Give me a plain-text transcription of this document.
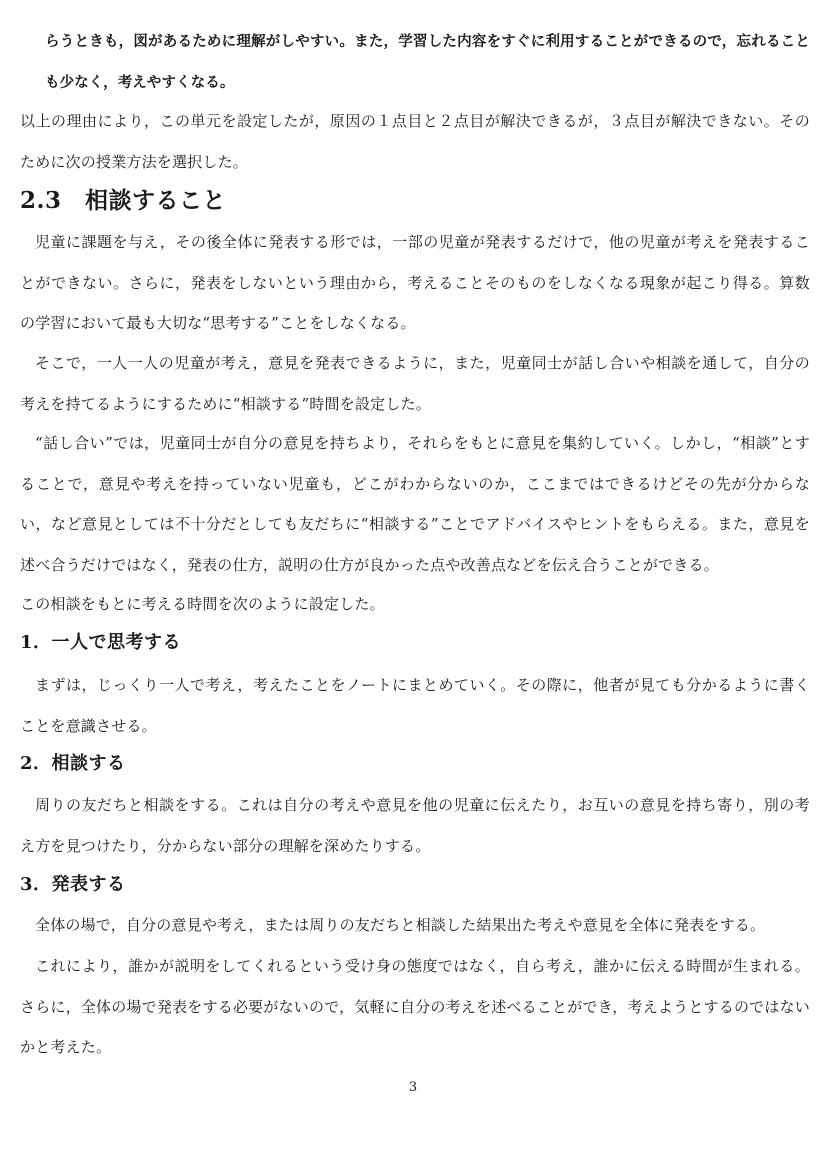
らうときも，図があるために理解がしやすい。また，学習した内容をすぐに利用することができるので，忘れることも少なく，考えやすくなる。

以上の理由により，この単元を設定したが，原因の１点目と２点目が解決できるが，３点目が解決できない。そのために次の授業方法を選択した。

2.3　相談すること

児童に課題を与え，その後全体に発表する形では，一部の児童が発表するだけで，他の児童が考えを発表することができない。さらに，発表をしないという理由から，考えることそのものをしなくなる現象が起こり得る。算数の学習において最も大切な“思考する”ことをしなくなる。

そこで，一人一人の児童が考え，意見を発表できるように，また，児童同士が話し合いや相談を通して，自分の考えを持てるようにするために“相談する”時間を設定した。

“話し合い”では，児童同士が自分の意見を持ちより，それらをもとに意見を集約していく。しかし，“相談”とすることで，意見や考えを持っていない児童も，どこがわからないのか，ここまではできるけどその先が分からない，など意見としては不十分だとしても友だちに“相談する”ことでアドバイスやヒントをもらえる。また，意見を述べ合うだけではなく，発表の仕方，説明の仕方が良かった点や改善点などを伝え合うことができる。

この相談をもとに考える時間を次のように設定した。

1．一人で思考する

まずは，じっくり一人で考え，考えたことをノートにまとめていく。その際に，他者が見ても分かるように書くことを意識させる。

2．相談する

周りの友だちと相談をする。これは自分の考えや意見を他の児童に伝えたり，お互いの意見を持ち寄り，別の考え方を見つけたり，分からない部分の理解を深めたりする。

3．発表する

全体の場で，自分の意見や考え，または周りの友だちと相談した結果出た考えや意見を全体に発表をする。

これにより，誰かが説明をしてくれるという受け身の態度ではなく，自ら考え，誰かに伝える時間が生まれる。さらに，全体の場で発表をする必要がないので，気軽に自分の考えを述べることができ，考えようとするのではないかと考えた。

3
